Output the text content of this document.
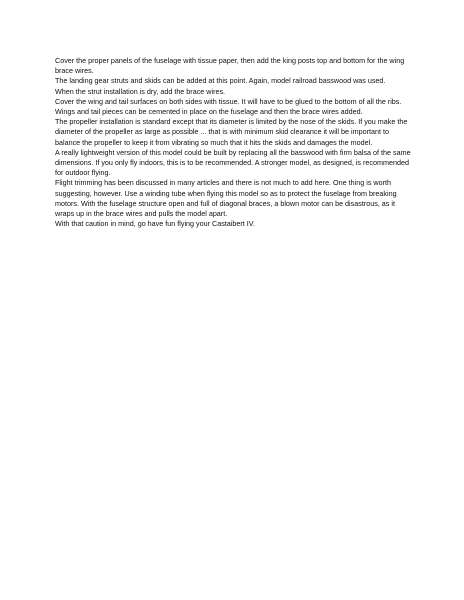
Cover the proper panels of the fuselage with tissue paper, then add the king posts top and bottom for the wing brace wires.

The landing gear struts and skids can be added at this point. Again, model railroad basswood was used.

When the strut installation is dry, add the brace wires.

Cover the wing and tail surfaces on both sides with tissue. It will have to be glued to the bottom of all the ribs.

Wings and tail pieces can be cemented in place on the fuselage and then the brace wires added.

The propeller installation is standard except that its diameter is limited by the nose of the skids. If you make the diameter of the propeller as large as possible ... that is with minimum skid clearance it will be important to balance the propeller to keep it from vibrating so much that it hits the skids and damages the model.

A really lightweight version of this model could be built by replacing all the basswood with firm balsa of the same dimensions. If you only fly indoors, this is to be recommended. A stronger model, as designed, is recommended for outdoor flying.

Flight trimming has been discussed in many articles and there is not much to add here. One thing is worth suggesting, however. Use a winding tube when flying this model so as to protect the fuselage from breaking motors. With the fuselage structure open and full of diagonal braces, a blown motor can be disastrous, as it wraps up in the brace wires and pulls the model apart.

With that caution in mind, go have fun flying your Castaibert IV.
